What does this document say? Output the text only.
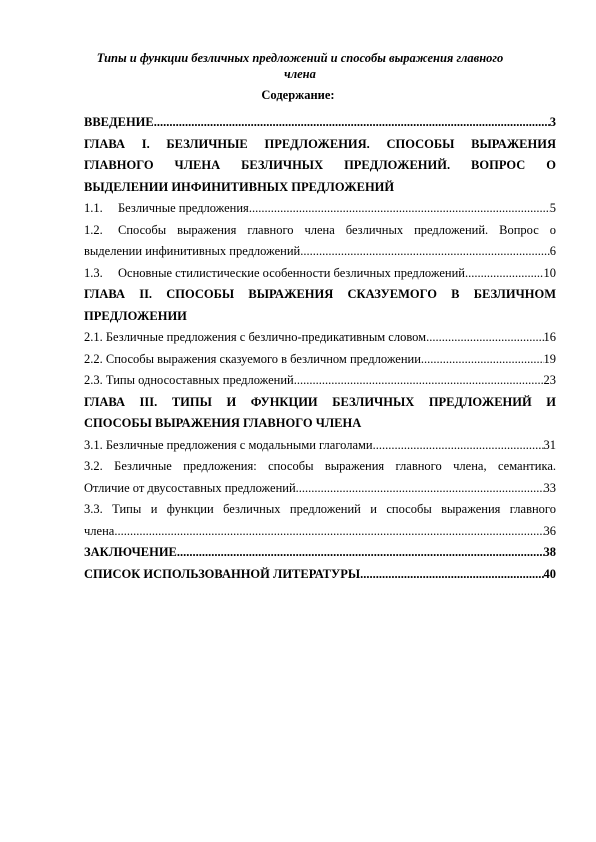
Типы и функции безличных предложений и способы выражения главного члена
Содержание:
ВВЕДЕНИЕ .....	3
ГЛАВА I. БЕЗЛИЧНЫЕ ПРЕДЛОЖЕНИЯ. СПОСОБЫ ВЫРАЖЕНИЯ
ГЛАВНОГО ЧЛЕНА БЕЗЛИЧНЫХ ПРЕДЛОЖЕНИЙ. ВОПРОС О
ВЫДЕЛЕНИИ ИНФИНИТИВНЫХ ПРЕДЛОЖЕНИЙ
1.1. Безличные предложения .....	5
1.2. Способы выражения главного члена безличных предложений. Вопрос о
выделении инфинитивных предложений .....	6
1.3. Основные стилистические особенности безличных предложений .....	10
ГЛАВА II. СПОСОБЫ ВЫРАЖЕНИЯ СКАЗУЕМОГО В БЕЗЛИЧНОМ
ПРЕДЛОЖЕНИИ
2.1. Безличные предложения с безлично-предикативным словом .....	16
2.2. Способы выражения сказуемого в безличном предложении .....	19
2.3. Типы односоставных предложений .....	23
ГЛАВА III. ТИПЫ И ФУНКЦИИ БЕЗЛИЧНЫХ ПРЕДЛОЖЕНИЙ И
СПОСОБЫ ВЫРАЖЕНИЯ ГЛАВНОГО ЧЛЕНА
3.1. Безличные предложения с модальными глаголами .....	31
3.2. Безличные предложения: способы выражения главного члена, семантика.
Отличие от двусоставных предложений .....	33
3.3. Типы и функции безличных предложений и способы выражения главного
члена .....	36
ЗАКЛЮЧЕНИЕ .....	38
СПИСОК ИСПОЛЬЗОВАННОЙ ЛИТЕРАТУРЫ .....	40
